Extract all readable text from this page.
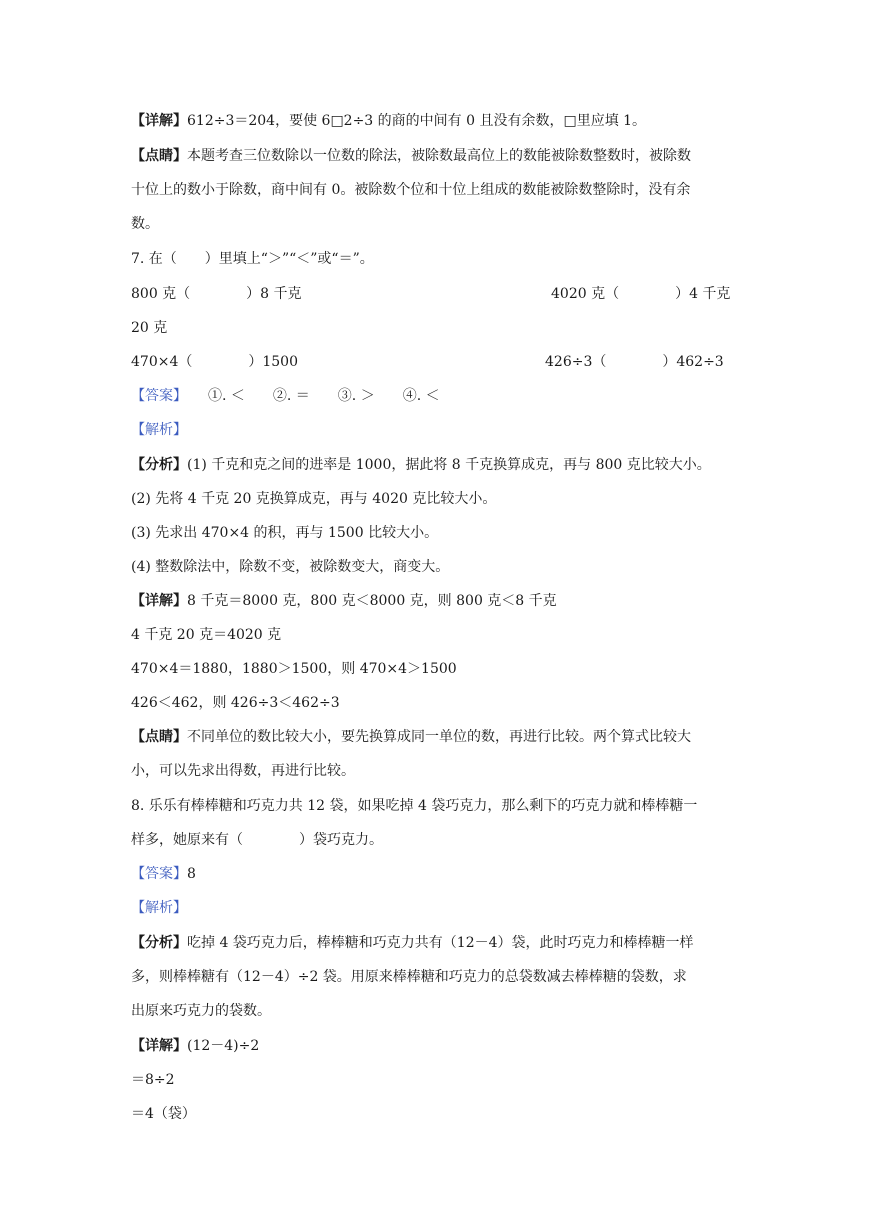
【详解】612÷3＝204，要使 6□2÷3 的商的中间有 0 且没有余数，□里应填 1。
【点睛】本题考查三位数除以一位数的除法，被除数最高位上的数能被除数整数时，被除数
十位上的数小于除数，商中间有 0。被除数个位和十位上组成的数能被除数整除时，没有余
数。
7. 在（　　）里填上“＞”“＜”或“＝”。
800 克（　　　　）8 千克	4020 克（　　　　）4 千克
20 克
470×4（　　　　）1500	426÷3（　　　　）462÷3
【答案】　　①. ＜　　②. ＝　　③. ＞　　④. ＜
【解析】
【分析】(1) 千克和克之间的进率是 1000，据此将 8 千克换算成克，再与 800 克比较大小。
(2) 先将 4 千克 20 克换算成克，再与 4020 克比较大小。
(3) 先求出 470×4 的积，再与 1500 比较大小。
(4) 整数除法中，除数不变，被除数变大，商变大。
【详解】8 千克＝8000 克，800 克＜8000 克，则 800 克＜8 千克
4 千克 20 克＝4020 克
470×4＝1880，1880＞1500，则 470×4＞1500
426＜462，则 426÷3＜462÷3
【点睛】不同单位的数比较大小，要先换算成同一单位的数，再进行比较。两个算式比较大
小，可以先求出得数，再进行比较。
8. 乐乐有棒棒糖和巧克力共 12 袋，如果吃掉 4 袋巧克力，那么剩下的巧克力就和棒棒糖一
样多，她原来有（　　　　）袋巧克力。
【答案】8
【解析】
【分析】吃掉 4 袋巧克力后，棒棒糖和巧克力共有（12－4）袋，此时巧克力和棒棒糖一样
多，则棒棒糖有（12－4）÷2 袋。用原来棒棒糖和巧克力的总袋数减去棒棒糖的袋数，求
出原来巧克力的袋数。
【详解】(12－4)÷2
＝8÷2
＝4（袋）
